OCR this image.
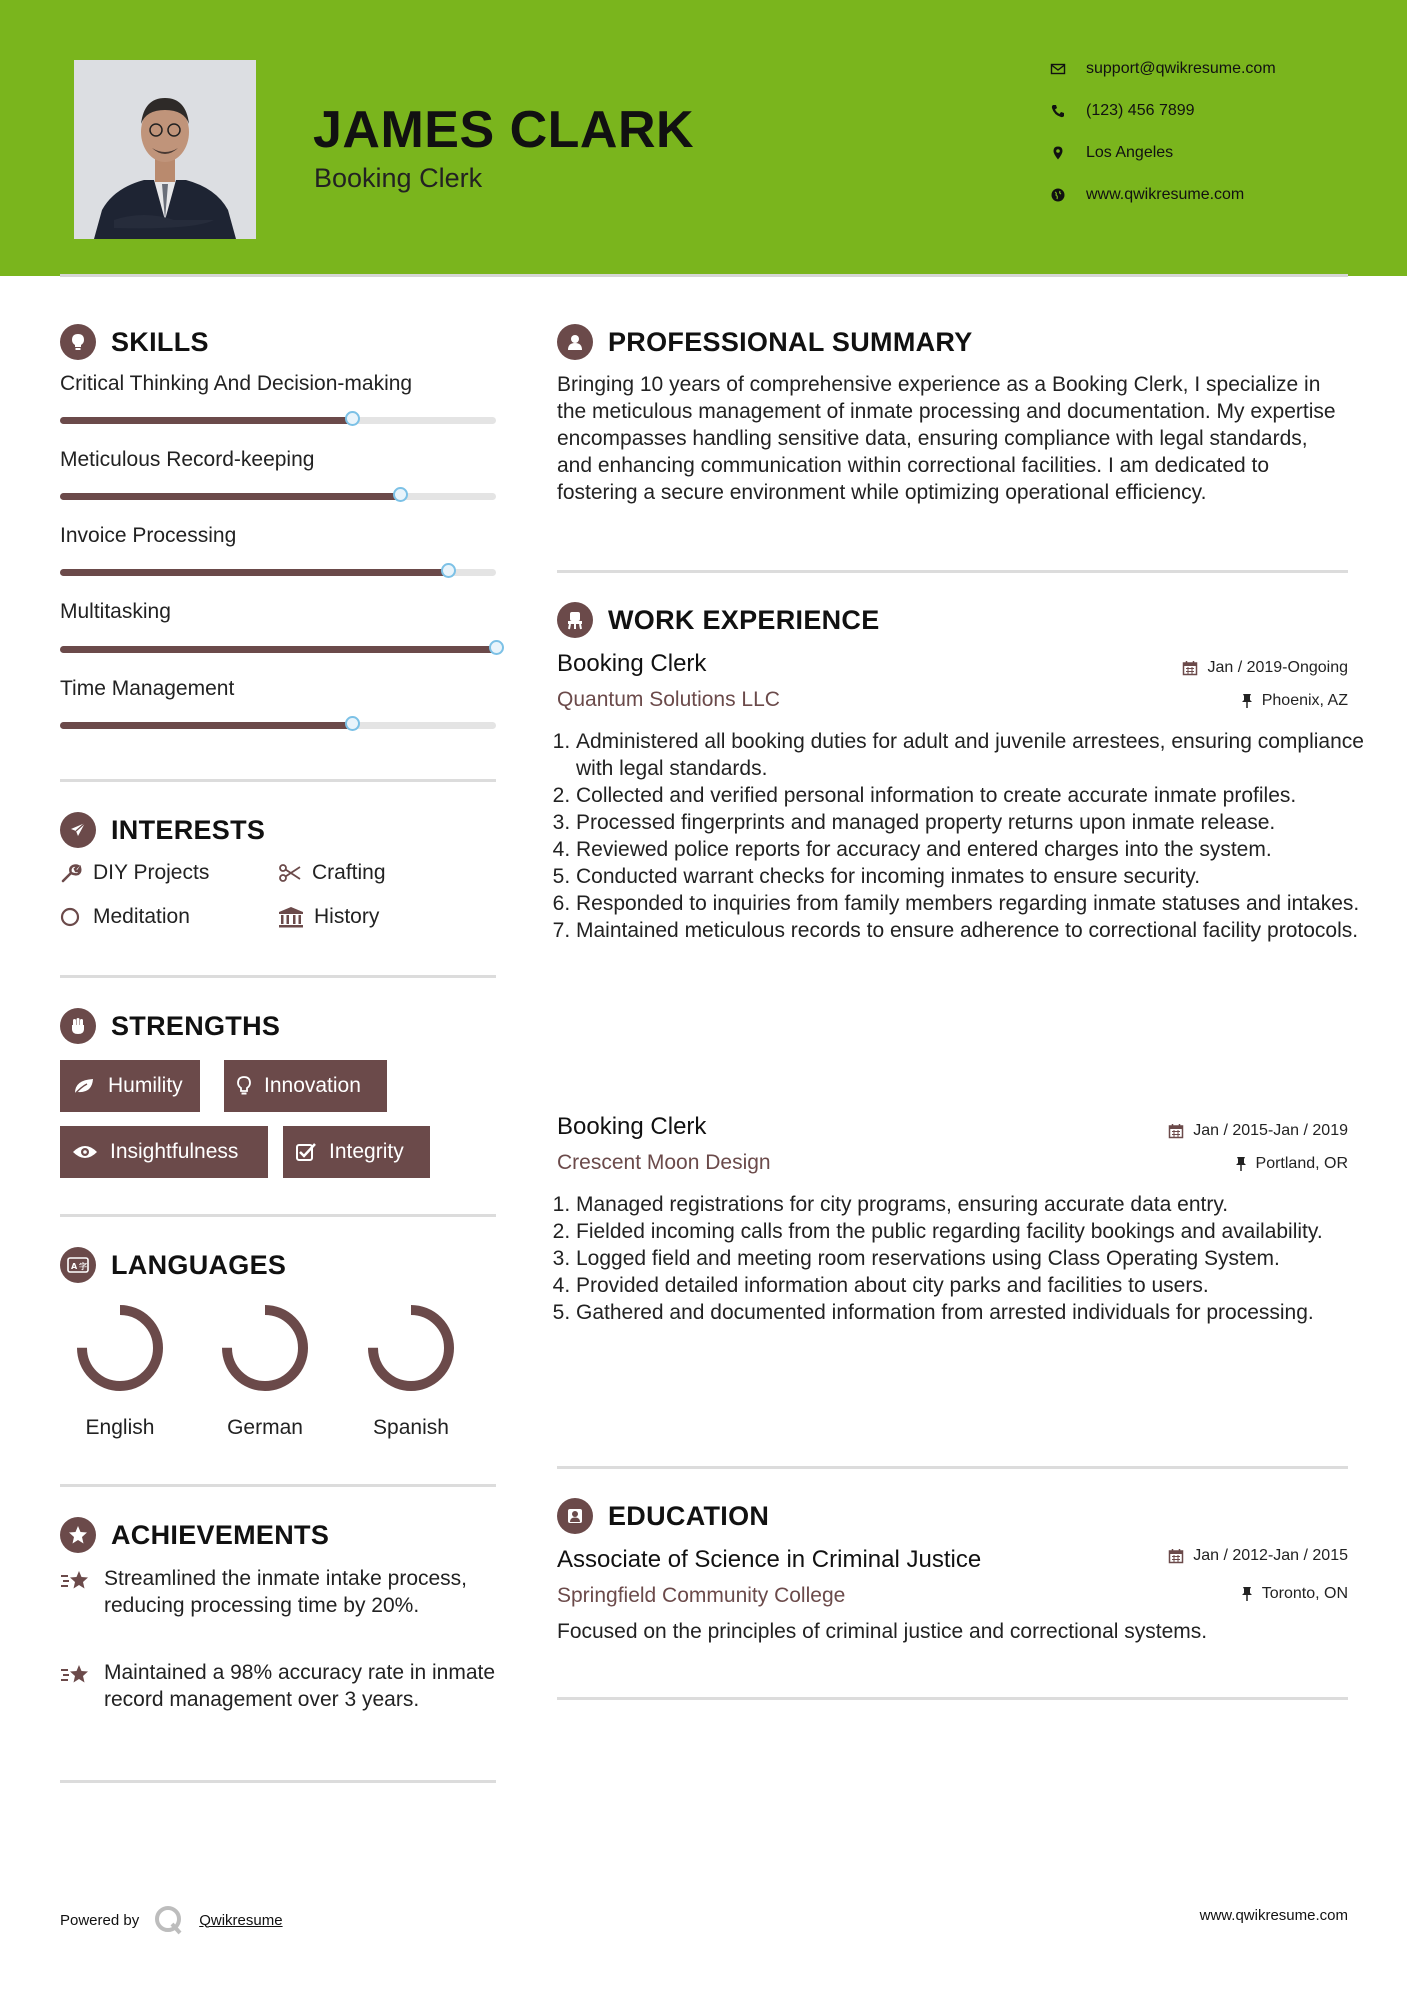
JAMES CLARK
Booking Clerk
support@qwikresume.com
(123) 456 7899
Los Angeles
www.qwikresume.com
SKILLS
Critical Thinking And Decision-making
Meticulous Record-keeping
Invoice Processing
Multitasking
Time Management
INTERESTS
DIY Projects	Crafting
Meditation	History
STRENGTHS
Humility	Innovation
Insightfulness	Integrity
A 字 LANGUAGES
English	German	Spanish
ACHIEVEMENTS
Streamlined the inmate intake process, reducing processing time by 20%.
Maintained a 98% accuracy rate in inmate record management over 3 years.
PROFESSIONAL SUMMARY
Bringing 10 years of comprehensive experience as a Booking Clerk, I specialize in the meticulous management of inmate processing and documentation. My expertise encompasses handling sensitive data, ensuring compliance with legal standards, and enhancing communication within correctional facilities. I am dedicated to fostering a secure environment while optimizing operational efficiency.
WORK EXPERIENCE
Booking Clerk	Jan / 2019-Ongoing
Quantum Solutions LLC	Phoenix, AZ
1. Administered all booking duties for adult and juvenile arrestees, ensuring compliance with legal standards.
2. Collected and verified personal information to create accurate inmate profiles.
3. Processed fingerprints and managed property returns upon inmate release.
4. Reviewed police reports for accuracy and entered charges into the system.
5. Conducted warrant checks for incoming inmates to ensure security.
6. Responded to inquiries from family members regarding inmate statuses and intakes.
7. Maintained meticulous records to ensure adherence to correctional facility protocols.
Booking Clerk	Jan / 2015-Jan / 2019
Crescent Moon Design	Portland, OR
1. Managed registrations for city programs, ensuring accurate data entry.
2. Fielded incoming calls from the public regarding facility bookings and availability.
3. Logged field and meeting room reservations using Class Operating System.
4. Provided detailed information about city parks and facilities to users.
5. Gathered and documented information from arrested individuals for processing.
EDUCATION
Associate of Science in Criminal Justice	Jan / 2012-Jan / 2015
Springfield Community College	Toronto, ON
Focused on the principles of criminal justice and correctional systems.
Powered by	Qwikresume	www.qwikresume.com
